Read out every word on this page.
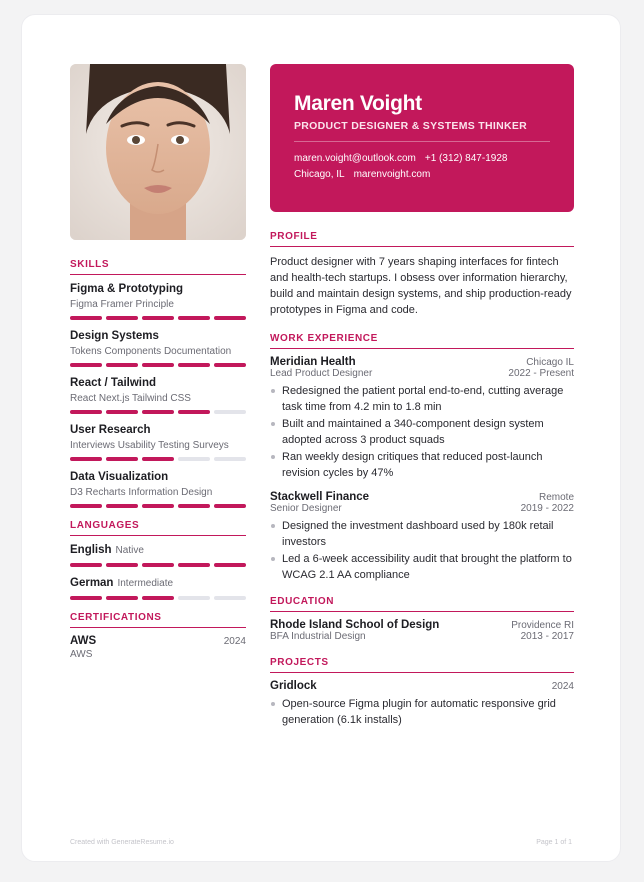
SKILLS
Figma & Prototyping
Figma Framer Principle
Design Systems
Tokens Components Documentation
React / Tailwind
React Next.js Tailwind CSS
User Research
Interviews Usability Testing Surveys
Data Visualization
D3 Recharts Information Design
LANGUAGES
English Native
German Intermediate
CERTIFICATIONS
AWS	2024
AWS
Maren Voight
PRODUCT DESIGNER & SYSTEMS THINKER
maren.voight@outlook.com +1 (312) 847-1928
Chicago, IL marenvoight.com
PROFILE
Product designer with 7 years shaping interfaces for fintech and health-tech startups. I obsess over information hierarchy, build and maintain design systems, and ship production-ready prototypes in Figma and code.
WORK EXPERIENCE
Meridian Health	Chicago IL
Lead Product Designer	2022 - Present
Redesigned the patient portal end-to-end, cutting average task time from 4.2 min to 1.8 min
Built and maintained a 340-component design system adopted across 3 product squads
Ran weekly design critiques that reduced post-launch revision cycles by 47%
Stackwell Finance	Remote
Senior Designer	2019 - 2022
Designed the investment dashboard used by 180k retail investors
Led a 6-week accessibility audit that brought the platform to WCAG 2.1 AA compliance
EDUCATION
Rhode Island School of Design	Providence RI
BFA Industrial Design	2013 - 2017
PROJECTS
Gridlock	2024
Open-source Figma plugin for automatic responsive grid generation (6.1k installs)
Created with GenerateResume.io	Page 1 of 1
